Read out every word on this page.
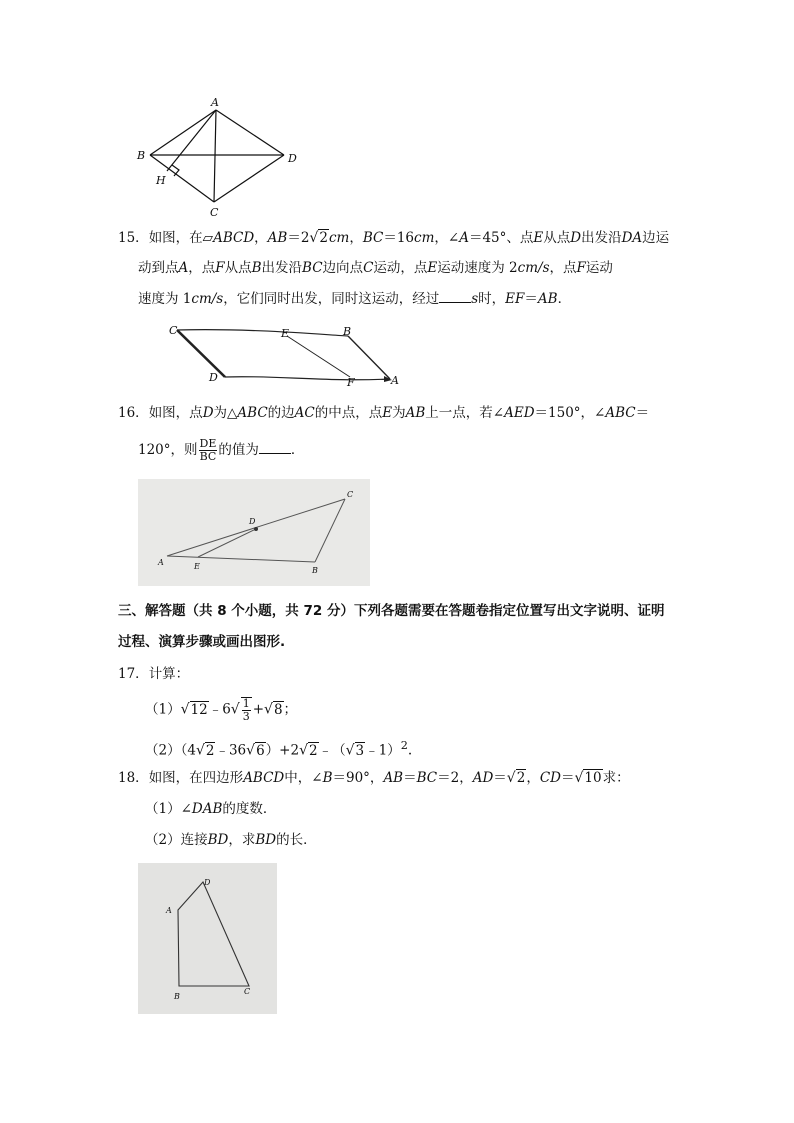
A
B
C
D
H
15．如图，在▱ABCD，AB＝2√2cm，BC＝16cm，∠A＝45°、点E从点D出发沿DA边运
动到点A，点F从点B出发沿BC边向点C运动，点E运动速度为 2cm/s，点F运动
速度为 1cm/s，它们同时出发，同时这运动，经过 s时，EF＝AB．
C	E	B
D	F	A
16．如图，点D为△ABC的边AC的中点，点E为AB上一点，若∠AED＝150°，∠ABC＝
120°，则 $\frac{DE}{BC}$ 的值为 ．
A	E	B
C
D
三、解答题（共 8 个小题，共 72 分）下列各题需要在答题卷指定位置写出文字说明、证明
过程、演算步骤或画出图形.
17．计算：
（1）√12﹣6√ $\frac{1}{3} +√8$；
（2）（4√2﹣36√6）+2√2﹣（√3﹣1）$^2$.
18．如图，在四边形ABCD中，∠B＝90°，AB＝BC＝2，AD＝√2，CD＝√10求：
（1）∠DAB的度数．
（2）连接BD，求BD的长．
A
D
B
C
